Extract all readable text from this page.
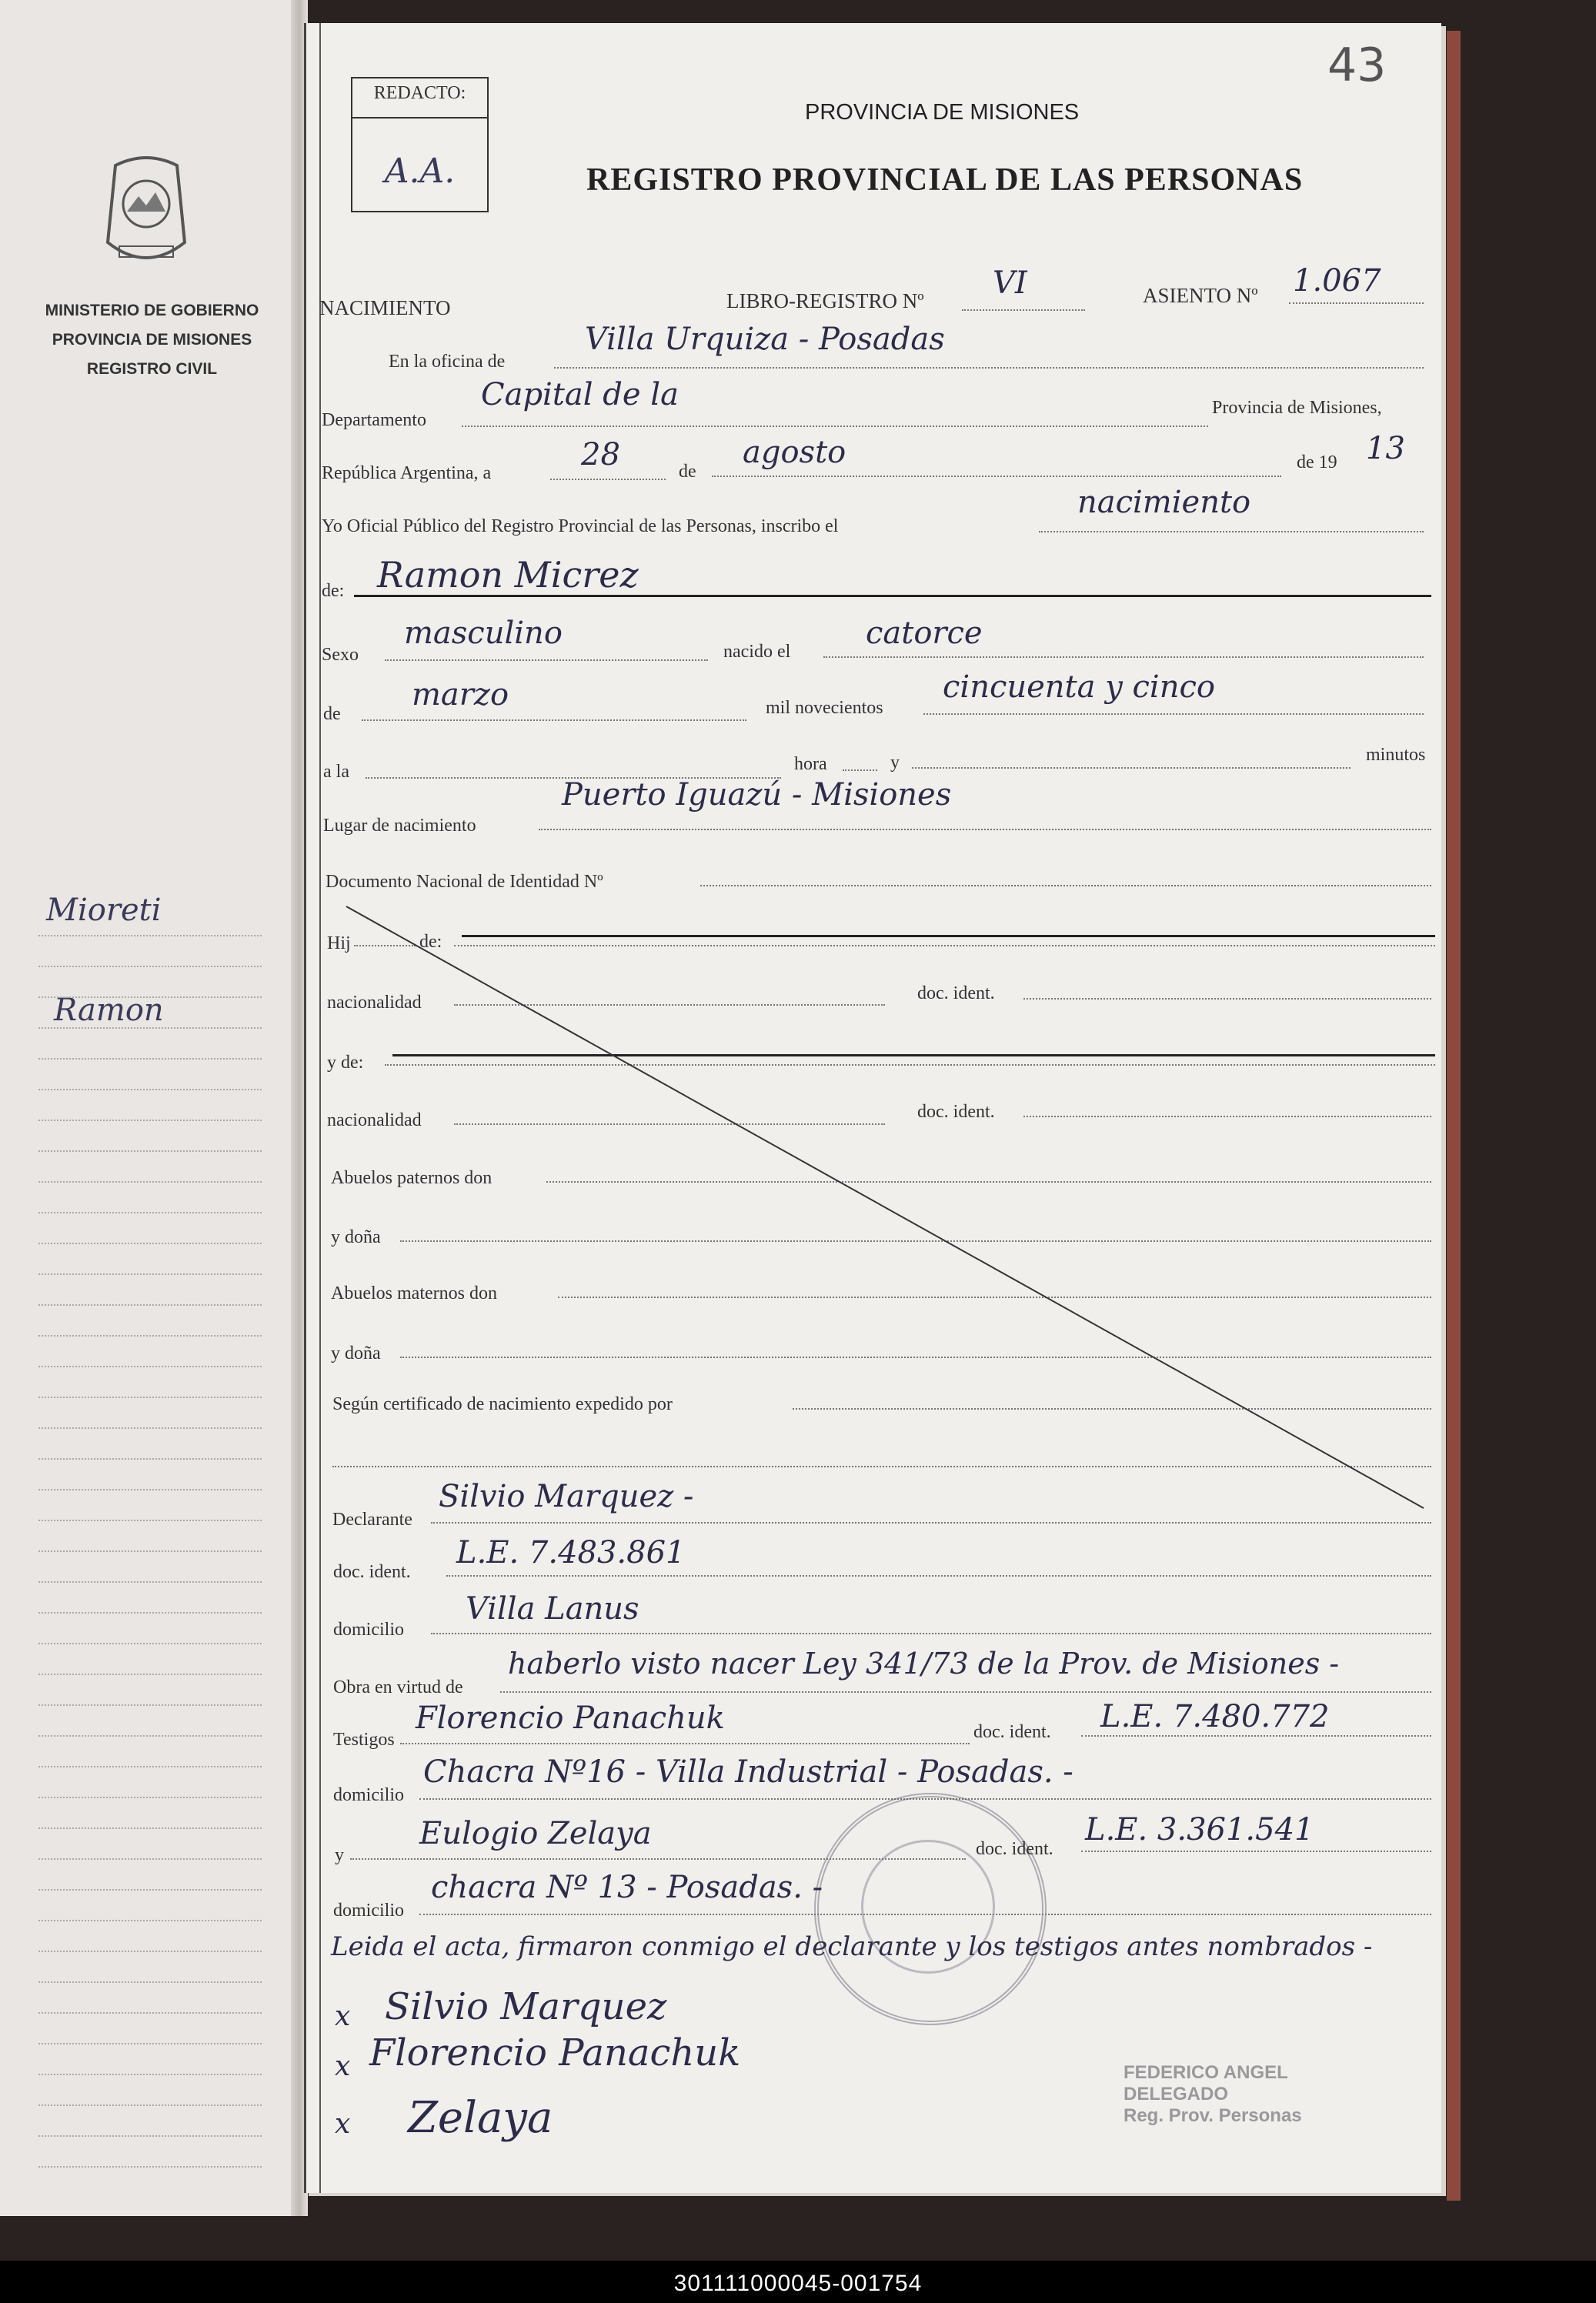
MINISTERIO DE GOBIERNO
PROVINCIA DE MISIONES
REGISTRO CIVIL
Mioreti
Ramon
REDACTO:
A.A.
43
PROVINCIA DE MISIONES
REGISTRO PROVINCIAL DE LAS PERSONAS
NACIMIENTO	LIBRO-REGISTRO Nº VI	ASIENTO Nº 1.067
En la oficina de
Villa Urquiza - Posadas
Departamento
Capital de la	Provincia de Misiones,
República Argentina, a
28	de
agosto	de 19 13
Yo Oficial Público del Registro Provincial de las Personas, inscribo el
nacimiento
de: Ramon Micrez
Sexo
masculino
nacido el
catorce
de
marzo	mil novecientos
cincuenta y cinco
a la	hora	y	minutos
Lugar de nacimiento
Puerto Iguazú - Misiones
Documento Nacional de Identidad Nº
Hij	de:
nacionalidad	doc. ident.
y de:
nacionalidad	doc. ident.
Abuelos paternos don
y doña
Abuelos maternos don
y doña
Según certificado de nacimiento expedido por
Declarante
Silvio Marquez -
doc. ident.
L.E. 7.483.861
domicilio
Villa Lanus
Obra en virtud de
haberlo visto nacer Ley 341/73 de la Prov. de Misiones -
Testigos
Florencio Panachuk	doc. ident. L.E. 7.480.772
domicilio
Chacra Nº16 - Villa Industrial - Posadas. -
y
Eulogio Zelaya	doc. ident.
L.E. 3.361.541
domicilio
chacra Nº 13 - Posadas. -
Leida el acta, firmaron conmigo el declarante y los testigos antes nombrados -
x Silvio Marquez
x Florencio Panachuk
x Zelaya
FEDERICO ANGEL
DELEGADO
Reg. Prov. Personas
301111000045-001754
